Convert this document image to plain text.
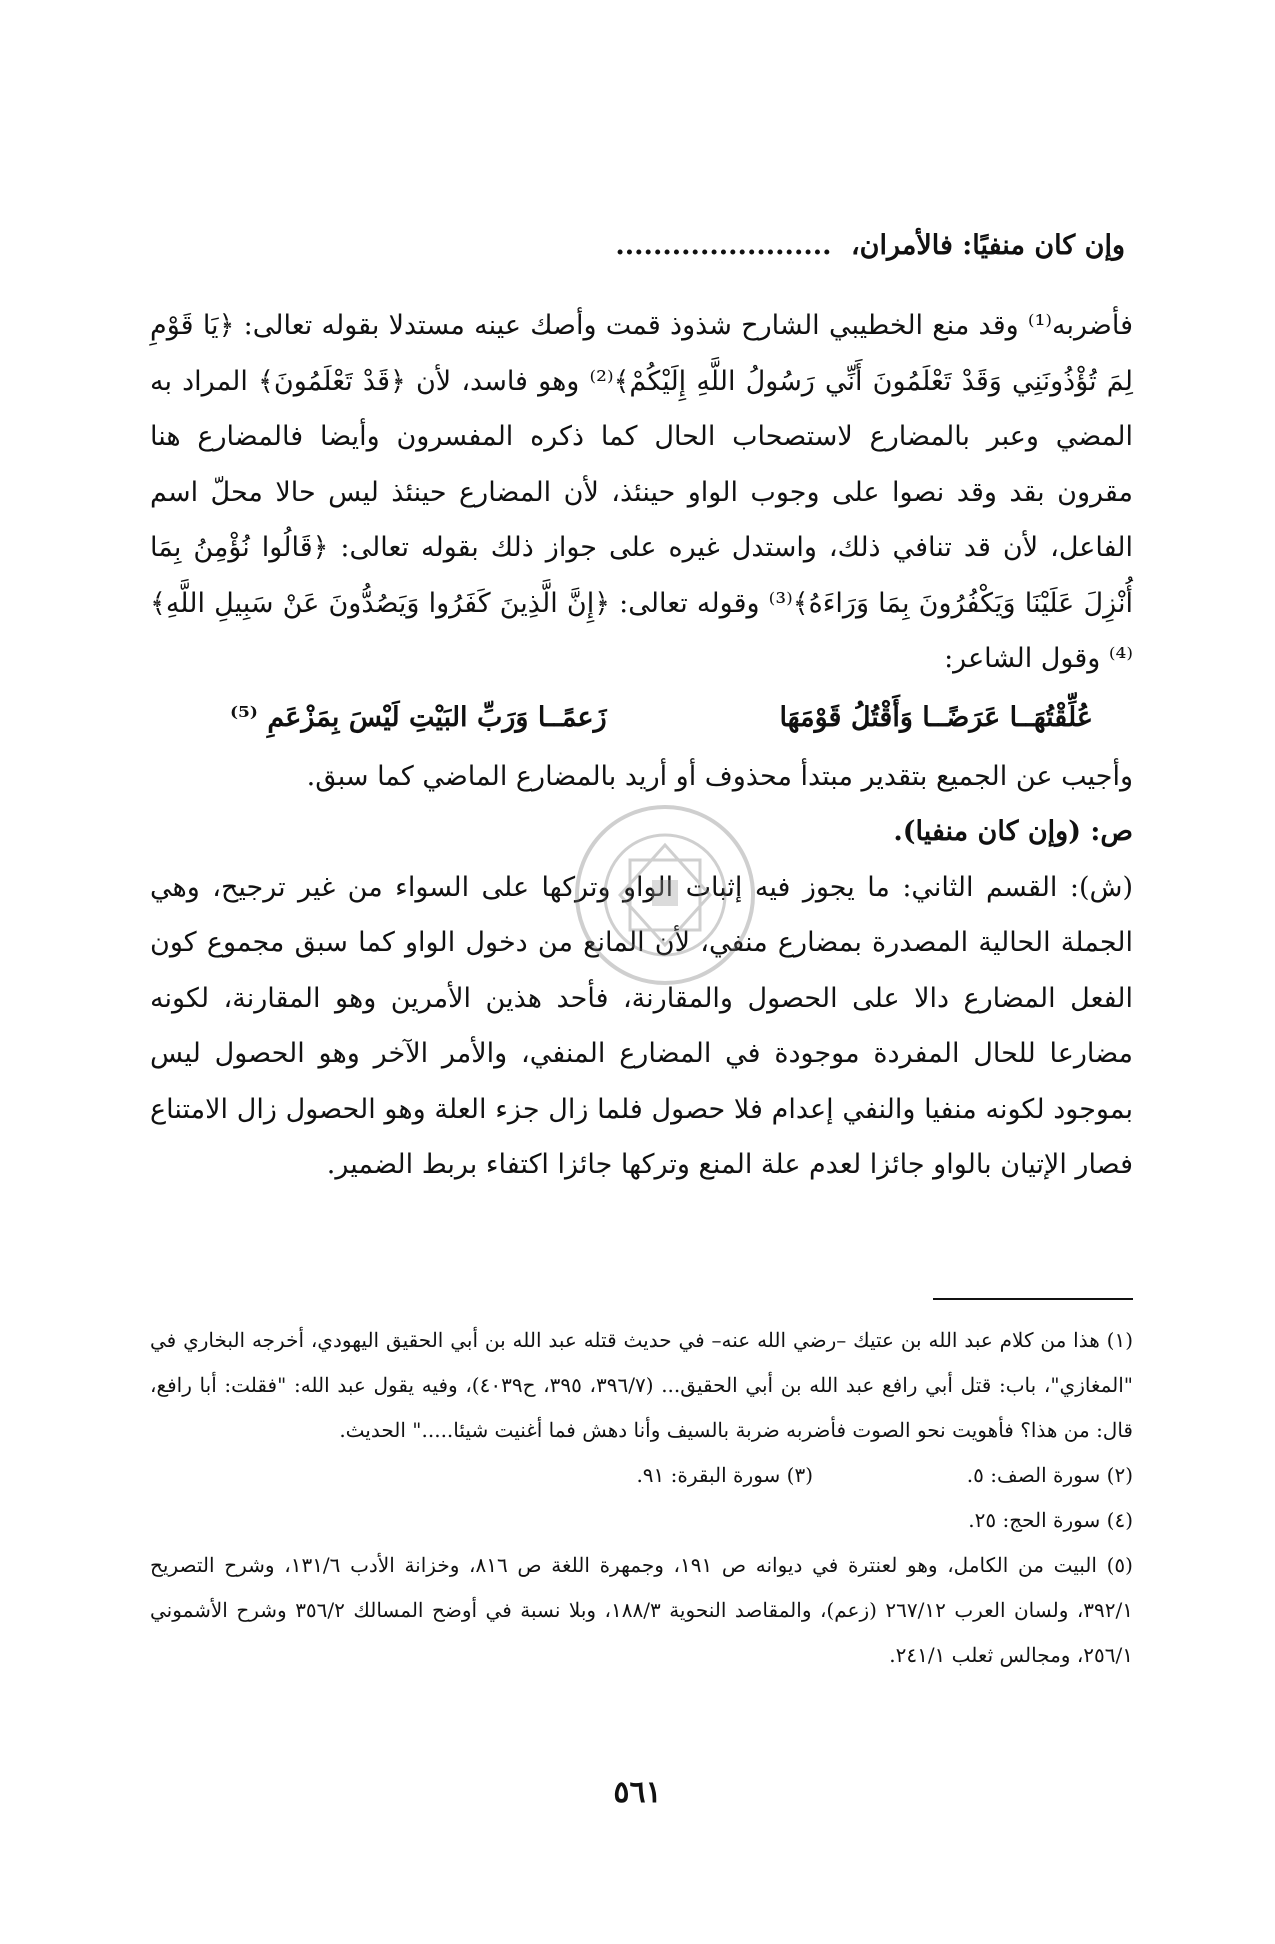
وإن كان منفيًا: فالأمران، .......................

فأضربه⁽¹⁾ وقد منع الخطيبي الشارح شذوذ قمت وأصك عينه مستدلا بقوله تعالى: ﴿يَا قَوْمِ لِمَ تُؤْذُونَنِي وَقَدْ تَعْلَمُونَ أَنِّي رَسُولُ اللَّهِ إِلَيْكُمْ﴾⁽²⁾ وهو فاسد، لأن ﴿قَدْ تَعْلَمُونَ﴾ المراد به المضي وعبر بالمضارع لاستصحاب الحال كما ذكره المفسرون وأيضا فالمضارع هنا مقرون بقد وقد نصوا على وجوب الواو حينئذ، لأن المضارع حينئذ ليس حالا محلّ اسم الفاعل، لأن قد تنافي ذلك، واستدل غيره على جواز ذلك بقوله تعالى: ﴿قَالُوا نُؤْمِنُ بِمَا أُنْزِلَ عَلَيْنَا وَيَكْفُرُونَ بِمَا وَرَاءَهُ﴾⁽³⁾ وقوله تعالى: ﴿إِنَّ الَّذِينَ كَفَرُوا وَيَصُدُّونَ عَنْ سَبِيلِ اللَّهِ﴾⁽⁴⁾ وقول الشاعر:

عُلِّقْتُهَــا عَرَضًــا وَأَقْتُلُ قَوْمَهَا
زَعمًــا وَرَبِّ البَيْتِ لَيْسَ بِمَزْعَمِ ⁽⁵⁾

وأجيب عن الجميع بتقدير مبتدأ محذوف أو أريد بالمضارع الماضي كما سبق.

ص: (وإن كان منفيا).

(ش): القسم الثاني: ما يجوز فيه إثبات الواو وتركها على السواء من غير ترجيح، وهي الجملة الحالية المصدرة بمضارع منفي، لأن المانع من دخول الواو كما سبق مجموع كون الفعل المضارع دالا على الحصول والمقارنة، فأحد هذين الأمرين وهو المقارنة، لكونه مضارعا للحال المفردة موجودة في المضارع المنفي، والأمر الآخر وهو الحصول ليس بموجود لكونه منفيا والنفي إعدام فلا حصول فلما زال جزء العلة وهو الحصول زال الامتناع فصار الإتيان بالواو جائزا لعدم علة المنع وتركها جائزا اكتفاء بربط الضمير.

(١) هذا من كلام عبد الله بن عتيك –رضي الله عنه– في حديث قتله عبد الله بن أبي الحقيق اليهودي، أخرجه البخاري في "المغازي"، باب: قتل أبي رافع عبد الله بن أبي الحقيق... (٣٩٦/٧، ٣٩٥، ح٤٠٣٩)، وفيه يقول عبد الله: "فقلت: أبا رافع، قال: من هذا؟ فأهويت نحو الصوت فأضربه ضربة بالسيف وأنا دهش فما أغنيت شيئا....." الحديث.

(٢) سورة الصف: ٥.
(٣) سورة البقرة: ٩١.

(٤) سورة الحج: ٢٥.

(٥) البيت من الكامل، وهو لعنترة في ديوانه ص ١٩١، وجمهرة اللغة ص ٨١٦، وخزانة الأدب ١٣١/٦، وشرح التصريح ٣٩٢/١، ولسان العرب ٢٦٧/١٢ (زعم)، والمقاصد النحوية ١٨٨/٣، وبلا نسبة في أوضح المسالك ٣٥٦/٢ وشرح الأشموني ٢٥٦/١، ومجالس ثعلب ٢٤١/١.

٥٦١
